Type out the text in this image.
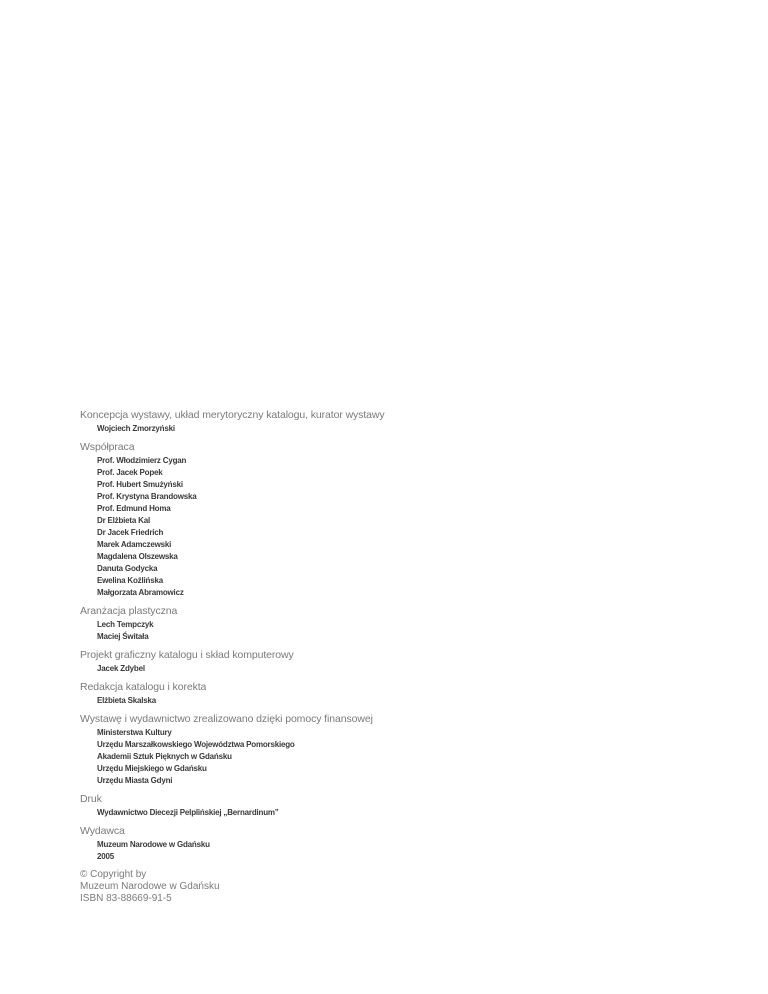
Koncepcja wystawy, układ merytoryczny katalogu, kurator wystawy
Wojciech Zmorzyński
Współpraca
Prof. Włodzimierz Cygan
Prof. Jacek Popek
Prof. Hubert Smużyński
Prof. Krystyna Brandowska
Prof. Edmund Homa
Dr Elżbieta Kal
Dr Jacek Friedrich
Marek Adamczewski
Magdalena Olszewska
Danuta Godycka
Ewelina Koźlińska
Małgorzata Abramowicz
Aranżacja plastyczna
Lech Tempczyk
Maciej Świtała
Projekt graficzny katalogu i skład komputerowy
Jacek Zdybel
Redakcja katalogu i korekta
Elżbieta Skalska
Wystawę i wydawnictwo zrealizowano dzięki pomocy finansowej
Ministerstwa Kultury
Urzędu Marszałkowskiego Województwa Pomorskiego
Akademii Sztuk Pięknych w Gdańsku
Urzędu Miejskiego w Gdańsku
Urzędu Miasta Gdyni
Druk
Wydawnictwo Diecezji Pelplińskiej „Bernardinum”
Wydawca
Muzeum Narodowe w Gdańsku
2005
© Copyright by
Muzeum Narodowe w Gdańsku
ISBN 83-88669-91-5
